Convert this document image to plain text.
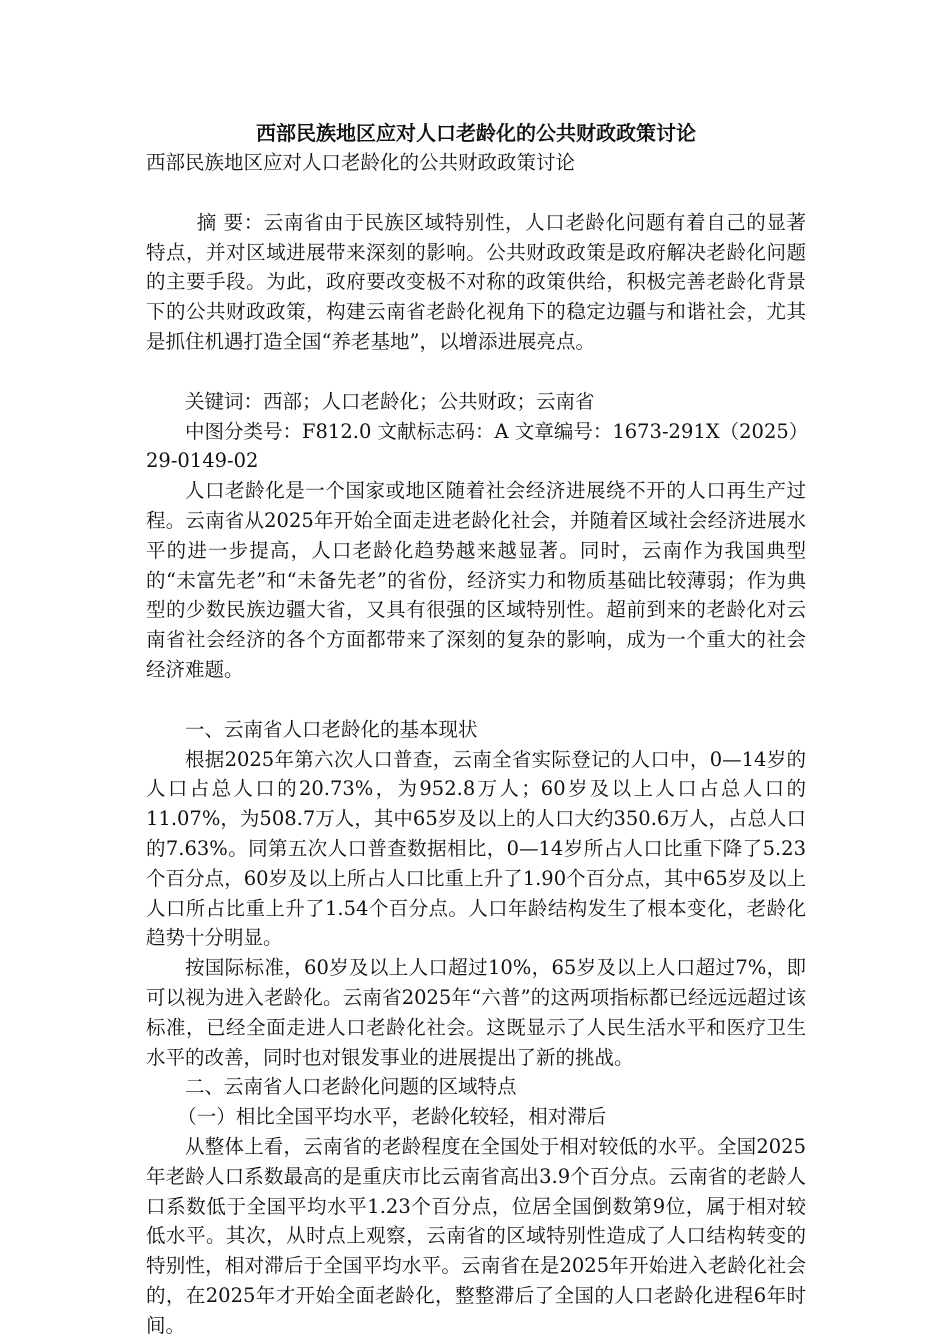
西部民族地区应对人口老龄化的公共财政政策讨论

西部民族地区应对人口老龄化的公共财政政策讨论

摘 要：云南省由于民族区域特别性，人口老龄化问题有着自己的显著特点，并对区域进展带来深刻的影响。公共财政政策是政府解决老龄化问题的主要手段。为此，政府要改变极不对称的政策供给，积极完善老龄化背景下的公共财政政策，构建云南省老龄化视角下的稳定边疆与和谐社会，尤其是抓住机遇打造全国“养老基地”，以增添进展亮点。

关键词：西部；人口老龄化；公共财政；云南省

中图分类号：F812.0 文献标志码：A 文章编号：1673-291X（2025）29-0149-02

人口老龄化是一个国家或地区随着社会经济进展绕不开的人口再生产过程。云南省从2025年开始全面走进老龄化社会，并随着区域社会经济进展水平的进一步提高，人口老龄化趋势越来越显著。同时，云南作为我国典型的“未富先老”和“未备先老”的省份，经济实力和物质基础比较薄弱；作为典型的少数民族边疆大省，又具有很强的区域特别性。超前到来的老龄化对云南省社会经济的各个方面都带来了深刻的复杂的影响，成为一个重大的社会经济难题。

一、云南省人口老龄化的基本现状

根据2025年第六次人口普查，云南全省实际登记的人口中，0—14岁的人口占总人口的20.73%，为952.8万人；60岁及以上人口占总人口的11.07%，为508.7万人，其中65岁及以上的人口大约350.6万人，占总人口的7.63%。同第五次人口普查数据相比，0—14岁所占人口比重下降了5.23个百分点，60岁及以上所占人口比重上升了1.90个百分点，其中65岁及以上人口所占比重上升了1.54个百分点。人口年龄结构发生了根本变化，老龄化趋势十分明显。

按国际标准，60岁及以上人口超过10%，65岁及以上人口超过7%，即可以视为进入老龄化。云南省2025年“六普”的这两项指标都已经远远超过该标准，已经全面走进人口老龄化社会。这既显示了人民生活水平和医疗卫生水平的改善，同时也对银发事业的进展提出了新的挑战。

二、云南省人口老龄化问题的区域特点

（一）相比全国平均水平，老龄化较轻，相对滞后

从整体上看，云南省的老龄程度在全国处于相对较低的水平。全国2025年老龄人口系数最高的是重庆市比云南省高出3.9个百分点。云南省的老龄人口系数低于全国平均水平1.23个百分点，位居全国倒数第9位，属于相对较低水平。其次，从时点上观察，云南省的区域特别性造成了人口结构转变的特别性，相对滞后于全国平均水平。云南省在是2025年开始进入老龄化社会的，在2025年才开始全面老龄化，整整滞后了全国的人口老龄化进程6年时间。
